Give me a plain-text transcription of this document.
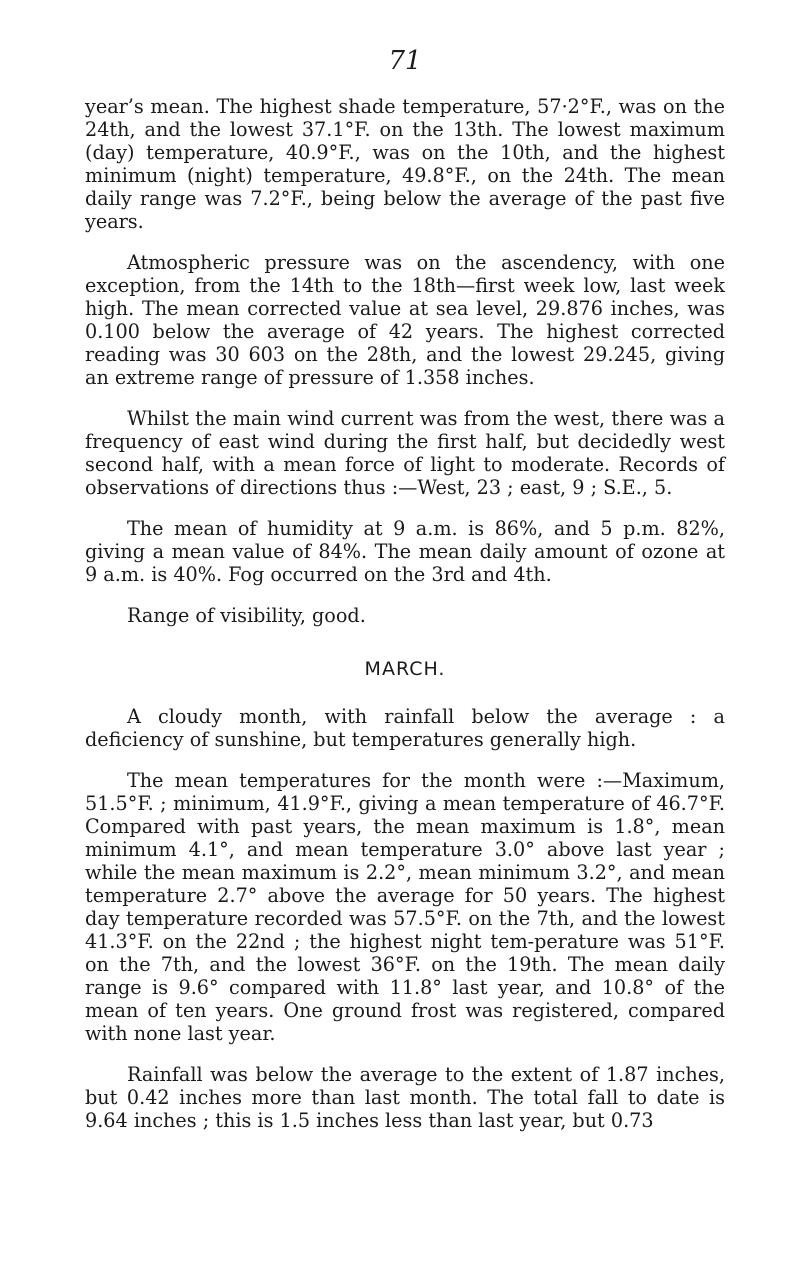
71

year’s mean. The highest shade temperature, 57·2°F., was on the 24th, and the lowest 37.1°F. on the 13th. The lowest maximum (day) temperature, 40.9°F., was on the 10th, and the highest minimum (night) temperature, 49.8°F., on the 24th. The mean daily range was 7.2°F., being below the average of the past five years.

Atmospheric pressure was on the ascendency, with one exception, from the 14th to the 18th—first week low, last week high. The mean corrected value at sea level, 29.876 inches, was 0.100 below the average of 42 years. The highest corrected reading was 30 603 on the 28th, and the lowest 29.245, giving an extreme range of pressure of 1.358 inches.

Whilst the main wind current was from the west, there was a frequency of east wind during the first half, but decidedly west second half, with a mean force of light to moderate. Records of observations of directions thus :—West, 23 ; east, 9 ; S.E., 5.

The mean of humidity at 9 a.m. is 86%, and 5 p.m. 82%, giving a mean value of 84%. The mean daily amount of ozone at 9 a.m. is 40%. Fog occurred on the 3rd and 4th.

Range of visibility, good.

MARCH.

A cloudy month, with rainfall below the average : a deficiency of sunshine, but temperatures generally high.

The mean temperatures for the month were :—Maximum, 51.5°F. ; minimum, 41.9°F., giving a mean temperature of 46.7°F. Compared with past years, the mean maximum is 1.8°, mean minimum 4.1°, and mean temperature 3.0° above last year ; while the mean maximum is 2.2°, mean minimum 3.2°, and mean temperature 2.7° above the average for 50 years. The highest day temperature recorded was 57.5°F. on the 7th, and the lowest 41.3°F. on the 22nd ; the highest night tem-perature was 51°F. on the 7th, and the lowest 36°F. on the 19th. The mean daily range is 9.6° compared with 11.8° last year, and 10.8° of the mean of ten years. One ground frost was registered, compared with none last year.

Rainfall was below the average to the extent of 1.87 inches, but 0.42 inches more than last month. The total fall to date is 9.64 inches ; this is 1.5 inches less than last year, but 0.73
